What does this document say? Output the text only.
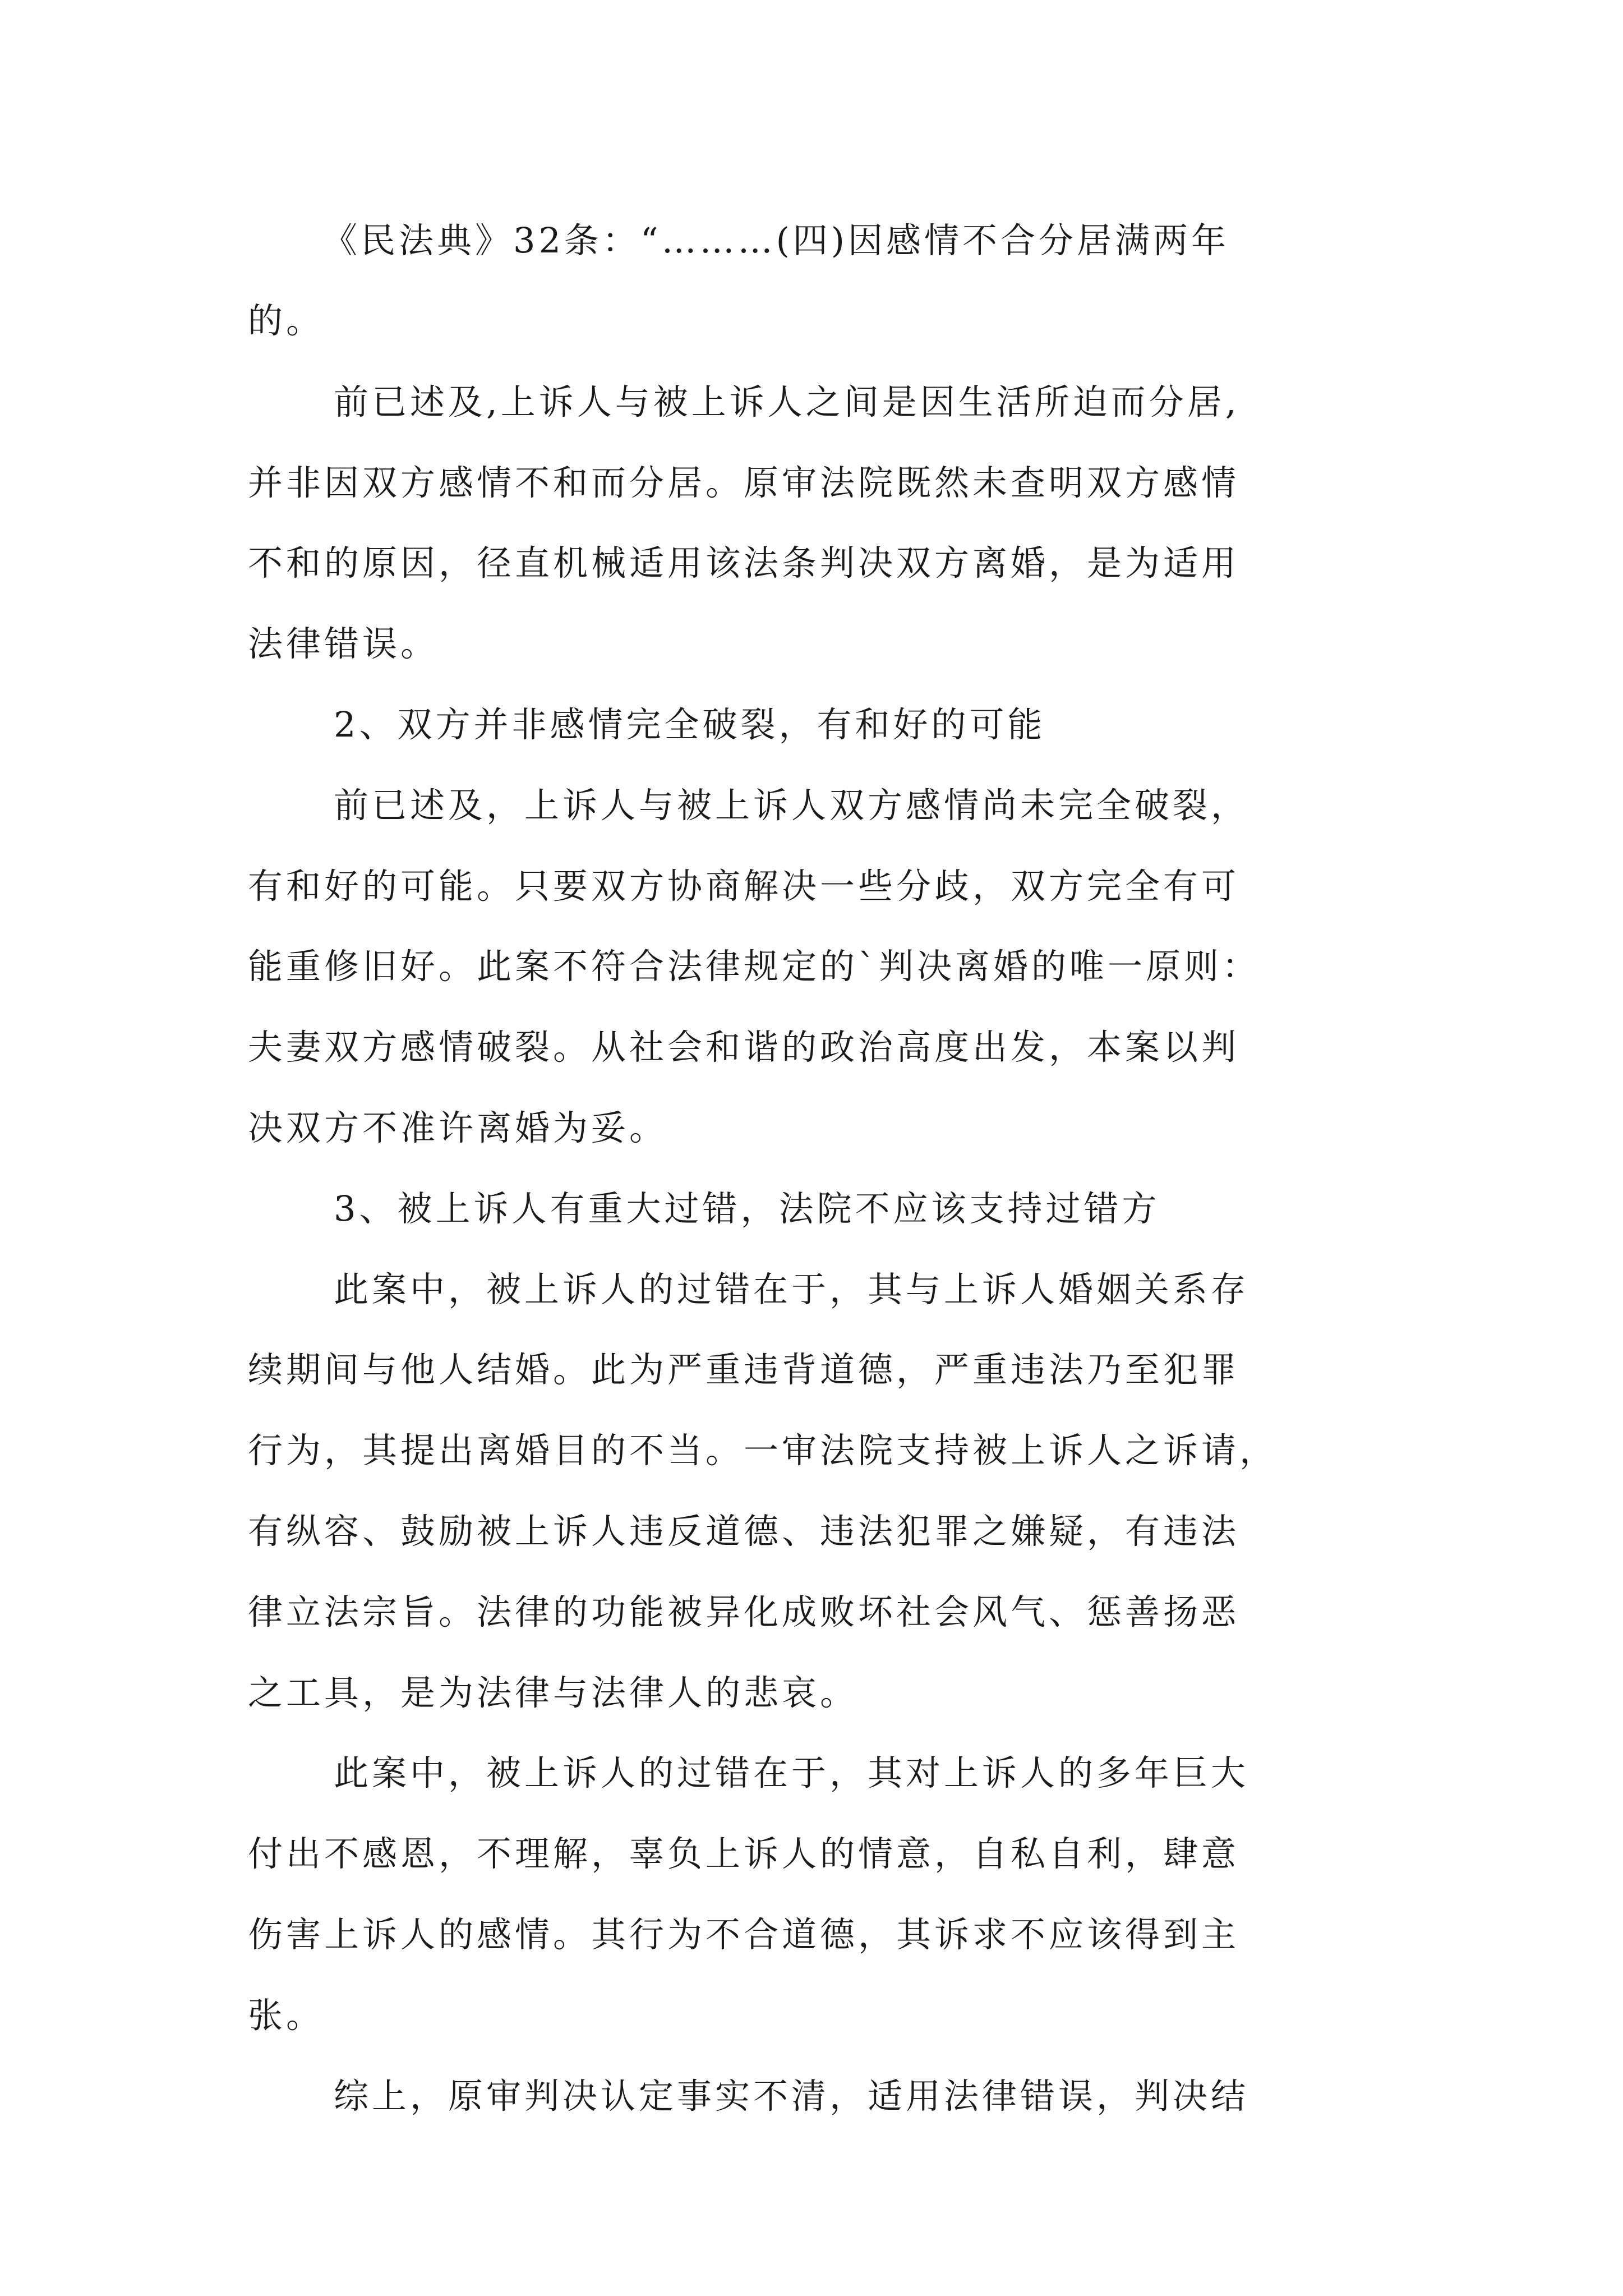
《民法典》32条：“………(四)因感情不合分居满两年

的。

前已述及,上诉人与被上诉人之间是因生活所迫而分居,

并非因双方感情不和而分居。原审法院既然未查明双方感情

不和的原因，径直机械适用该法条判决双方离婚，是为适用

法律错误。

2、双方并非感情完全破裂，有和好的可能

前已述及，上诉人与被上诉人双方感情尚未完全破裂，

有和好的可能。只要双方协商解决一些分歧，双方完全有可

能重修旧好。此案不符合法律规定的`判决离婚的唯一原则：

夫妻双方感情破裂。从社会和谐的政治高度出发，本案以判

决双方不准许离婚为妥。

3、被上诉人有重大过错，法院不应该支持过错方

此案中，被上诉人的过错在于，其与上诉人婚姻关系存

续期间与他人结婚。此为严重违背道德，严重违法乃至犯罪

行为，其提出离婚目的不当。一审法院支持被上诉人之诉请，

有纵容、鼓励被上诉人违反道德、违法犯罪之嫌疑，有违法

律立法宗旨。法律的功能被异化成败坏社会风气、惩善扬恶

之工具，是为法律与法律人的悲哀。

此案中，被上诉人的过错在于，其对上诉人的多年巨大

付出不感恩，不理解，辜负上诉人的情意，自私自利，肆意

伤害上诉人的感情。其行为不合道德，其诉求不应该得到主

张。

综上，原审判决认定事实不清，适用法律错误，判决结
